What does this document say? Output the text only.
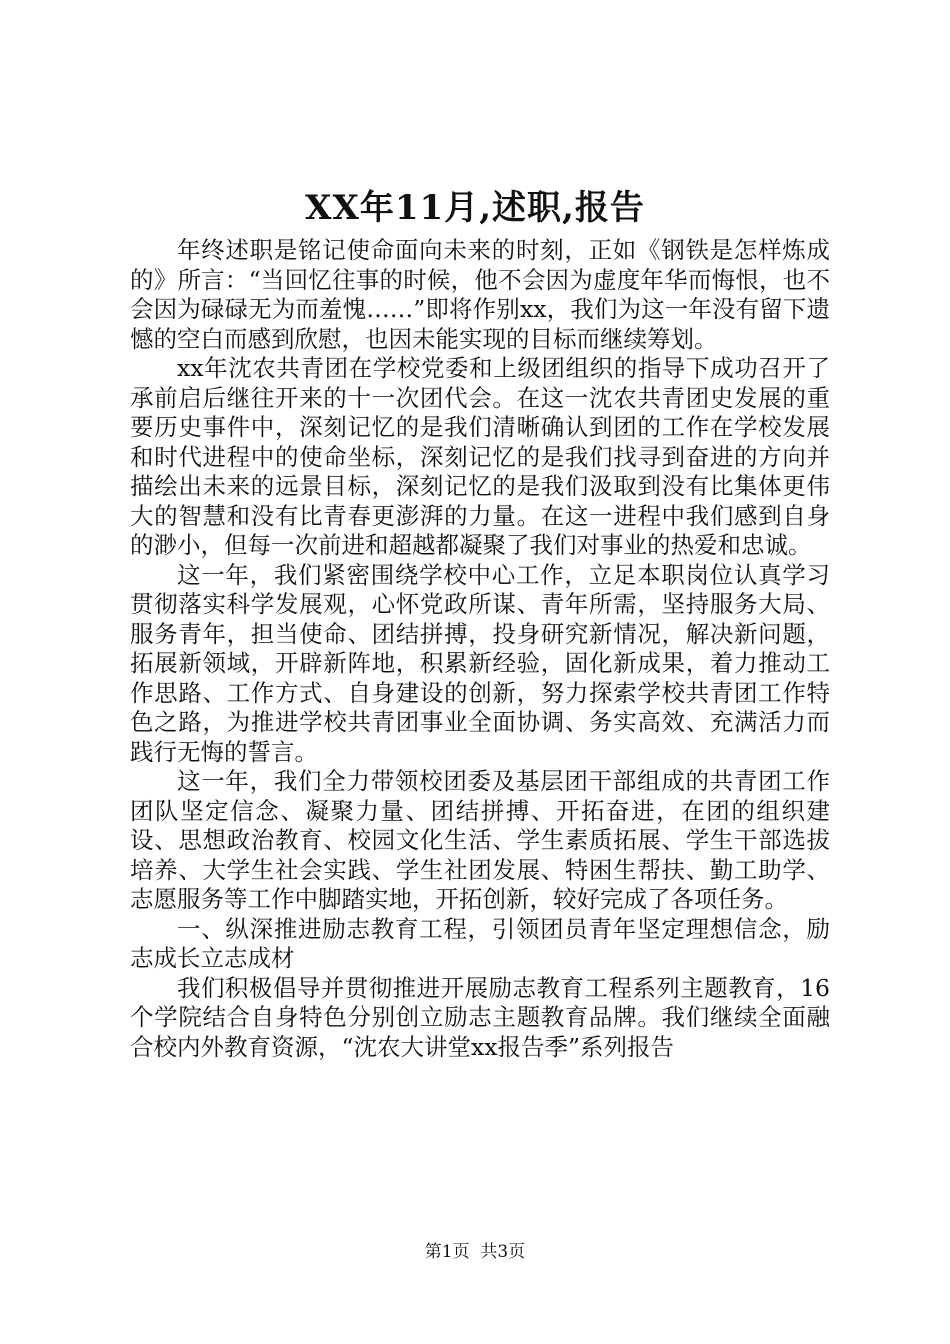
XX年11月,述职,报告

年终述职是铭记使命面向未来的时刻，正如《钢铁是怎样炼成的》所言：“当回忆往事的时候，他不会因为虚度年华而悔恨，也不会因为碌碌无为而羞愧……”即将作别xx，我们为这一年没有留下遗憾的空白而感到欣慰，也因未能实现的目标而继续筹划。

xx年沈农共青团在学校党委和上级团组织的指导下成功召开了承前启后继往开来的十一次团代会。在这一沈农共青团史发展的重要历史事件中，深刻记忆的是我们清晰确认到团的工作在学校发展和时代进程中的使命坐标，深刻记忆的是我们找寻到奋进的方向并描绘出未来的远景目标，深刻记忆的是我们汲取到没有比集体更伟大的智慧和没有比青春更澎湃的力量。在这一进程中我们感到自身的渺小，但每一次前进和超越都凝聚了我们对事业的热爱和忠诚。

这一年，我们紧密围绕学校中心工作，立足本职岗位认真学习贯彻落实科学发展观，心怀党政所谋、青年所需，坚持服务大局、服务青年，担当使命、团结拼搏，投身研究新情况，解决新问题，拓展新领域，开辟新阵地，积累新经验，固化新成果，着力推动工作思路、工作方式、自身建设的创新，努力探索学校共青团工作特色之路，为推进学校共青团事业全面协调、务实高效、充满活力而践行无悔的誓言。

这一年，我们全力带领校团委及基层团干部组成的共青团工作团队坚定信念、凝聚力量、团结拼搏、开拓奋进，在团的组织建设、思想政治教育、校园文化生活、学生素质拓展、学生干部选拔培养、大学生社会实践、学生社团发展、特困生帮扶、勤工助学、志愿服务等工作中脚踏实地，开拓创新，较好完成了各项任务。

一、纵深推进励志教育工程，引领团员青年坚定理想信念，励志成长立志成材

我们积极倡导并贯彻推进开展励志教育工程系列主题教育，16个学院结合自身特色分别创立励志主题教育品牌。我们继续全面融合校内外教育资源，“沈农大讲堂xx报告季”系列报告

第1页 共3页
